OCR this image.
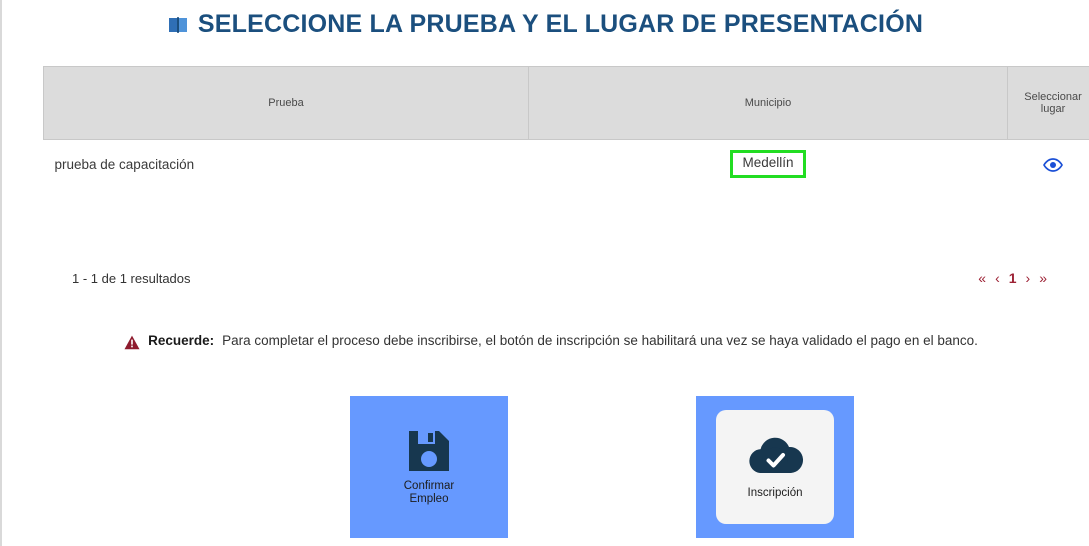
SELECCIONE LA PRUEBA Y EL LUGAR DE PRESENTACIÓN
Prueba	Municipio	Seleccionar lugar
prueba de capacitación	Medellín	
1 - 1 de 1 resultados	« ‹ 1 › »
Recuerde: Para completar el proceso debe inscribirse, el botón de inscripción se habilitará una vez se haya validado el pago en el banco.
Confirmar
Empleo	Inscripción
